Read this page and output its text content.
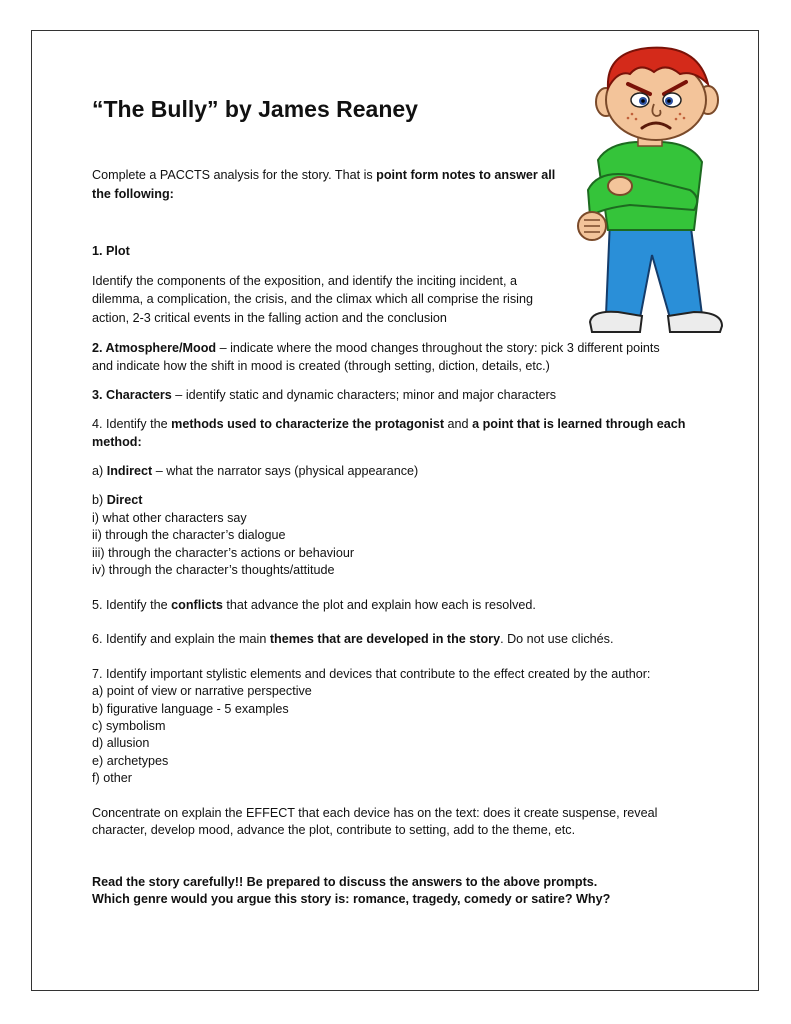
“The Bully” by James Reaney

Complete a PACCTS analysis for the story. That is point form notes to answer all

the following:

1. Plot

Identify the components of the exposition, and identify the inciting incident, a

dilemma, a complication, the crisis, and the climax which all comprise the rising

action, 2-3 critical events in the falling action and the conclusion

2. Atmosphere/Mood – indicate where the mood changes throughout the story: pick 3 different points

and indicate how the shift in mood is created (through setting, diction, details, etc.)

3. Characters – identify static and dynamic characters; minor and major characters

4. Identify the methods used to characterize the protagonist and a point that is learned through each

method:

a) Indirect – what the narrator says (physical appearance)

b) Direct

i) what other characters say

ii) through the character’s dialogue

iii) through the character’s actions or behaviour

iv) through the character’s thoughts/attitude

5. Identify the conflicts that advance the plot and explain how each is resolved.

6. Identify and explain the main themes that are developed in the story. Do not use clichés.

7. Identify important stylistic elements and devices that contribute to the effect created by the author:

a) point of view or narrative perspective

b) figurative language - 5 examples

c) symbolism

d) allusion

e) archetypes

f) other

Concentrate on explain the EFFECT that each device has on the text: does it create suspense, reveal

character, develop mood, advance the plot, contribute to setting, add to the theme, etc.

Read the story carefully!! Be prepared to discuss the answers to the above prompts.

Which genre would you argue this story is: romance, tragedy, comedy or satire? Why?
